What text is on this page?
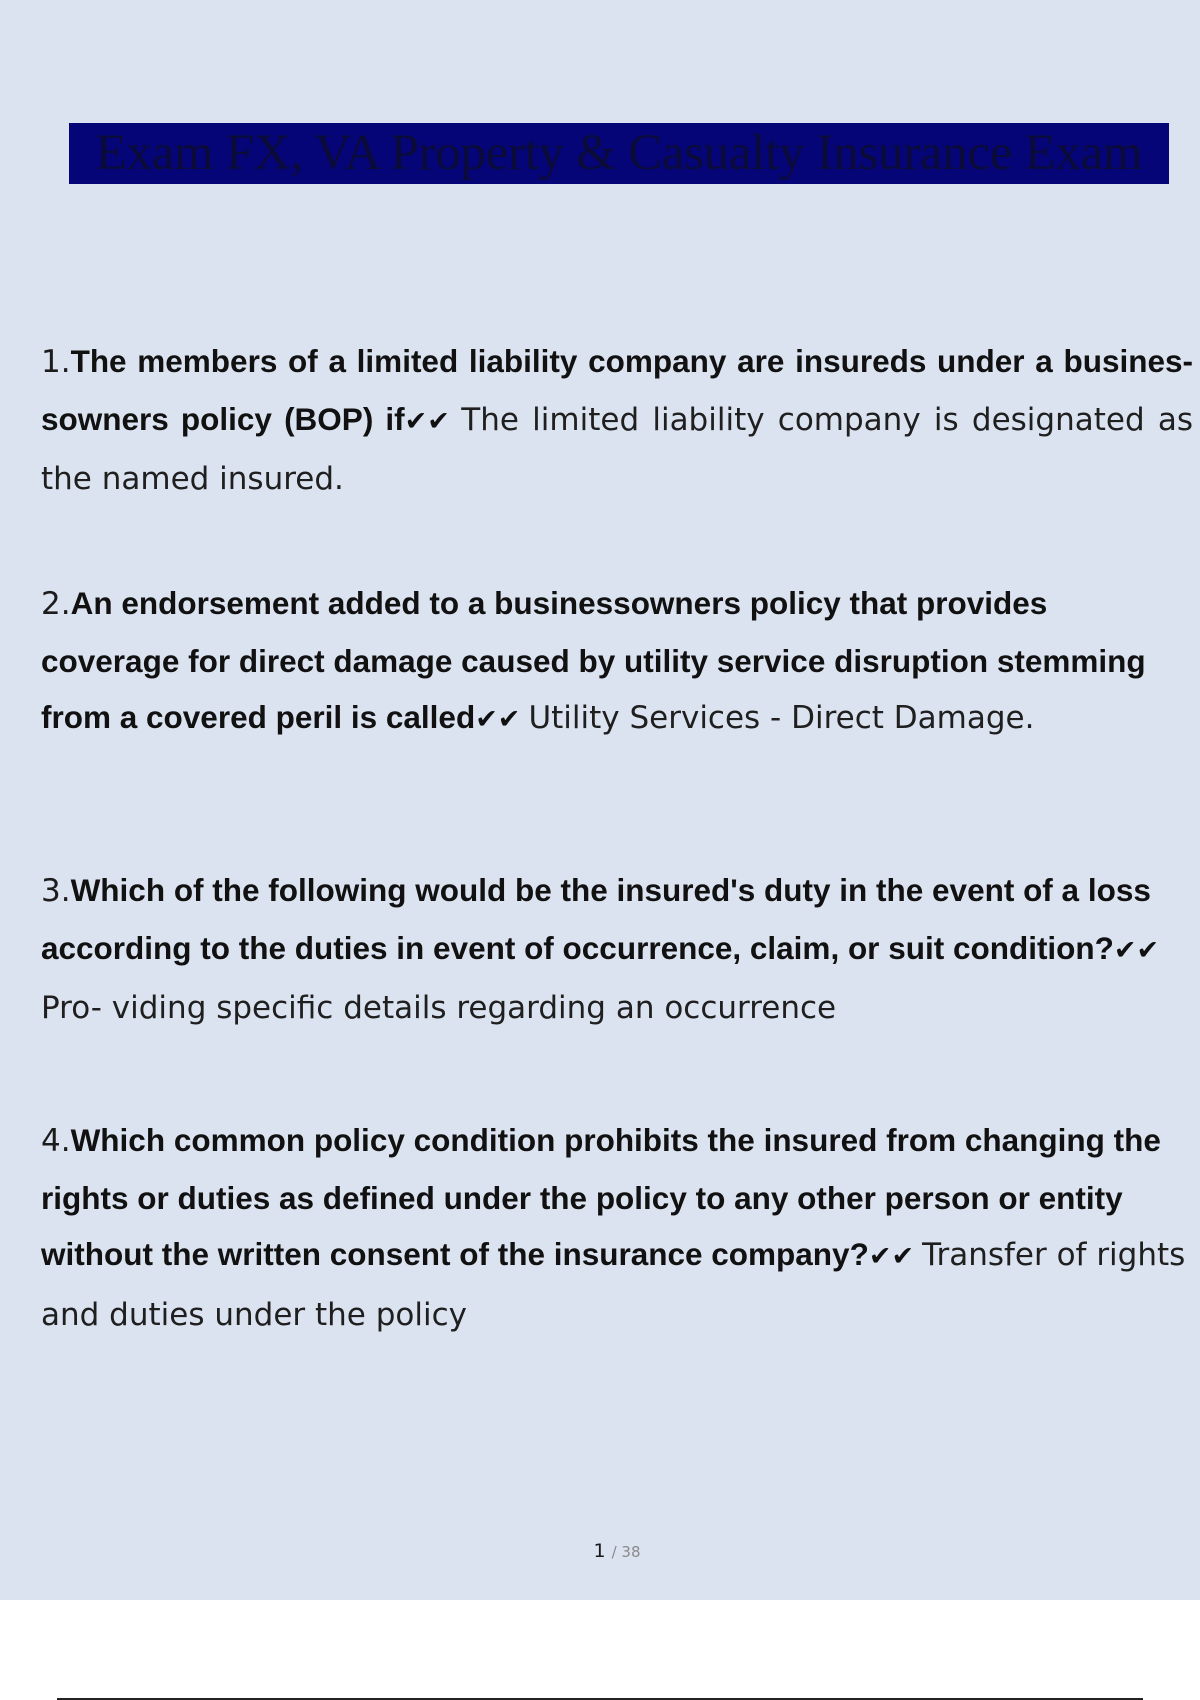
Exam FX, VA Property & Casualty Insurance Exam
1.The members of a limited liability company are insureds under a busines- sowners policy (BOP) if✔✔ The limited liability company is designated as the named insured.
2.An endorsement added to a businessowners policy that provides coverage for direct damage caused by utility service disruption stemming from a covered peril is called✔✔ Utility Services - Direct Damage.
3.Which of the following would be the insured's duty in the event of a loss according to the duties in event of occurrence, claim, or suit condition?✔✔ Pro- viding specific details regarding an occurrence
4.Which common policy condition prohibits the insured from changing the rights or duties as defined under the policy to any other person or entity without the written consent of the insurance company?✔✔ Transfer of rights and duties under the policy
1 / 38
